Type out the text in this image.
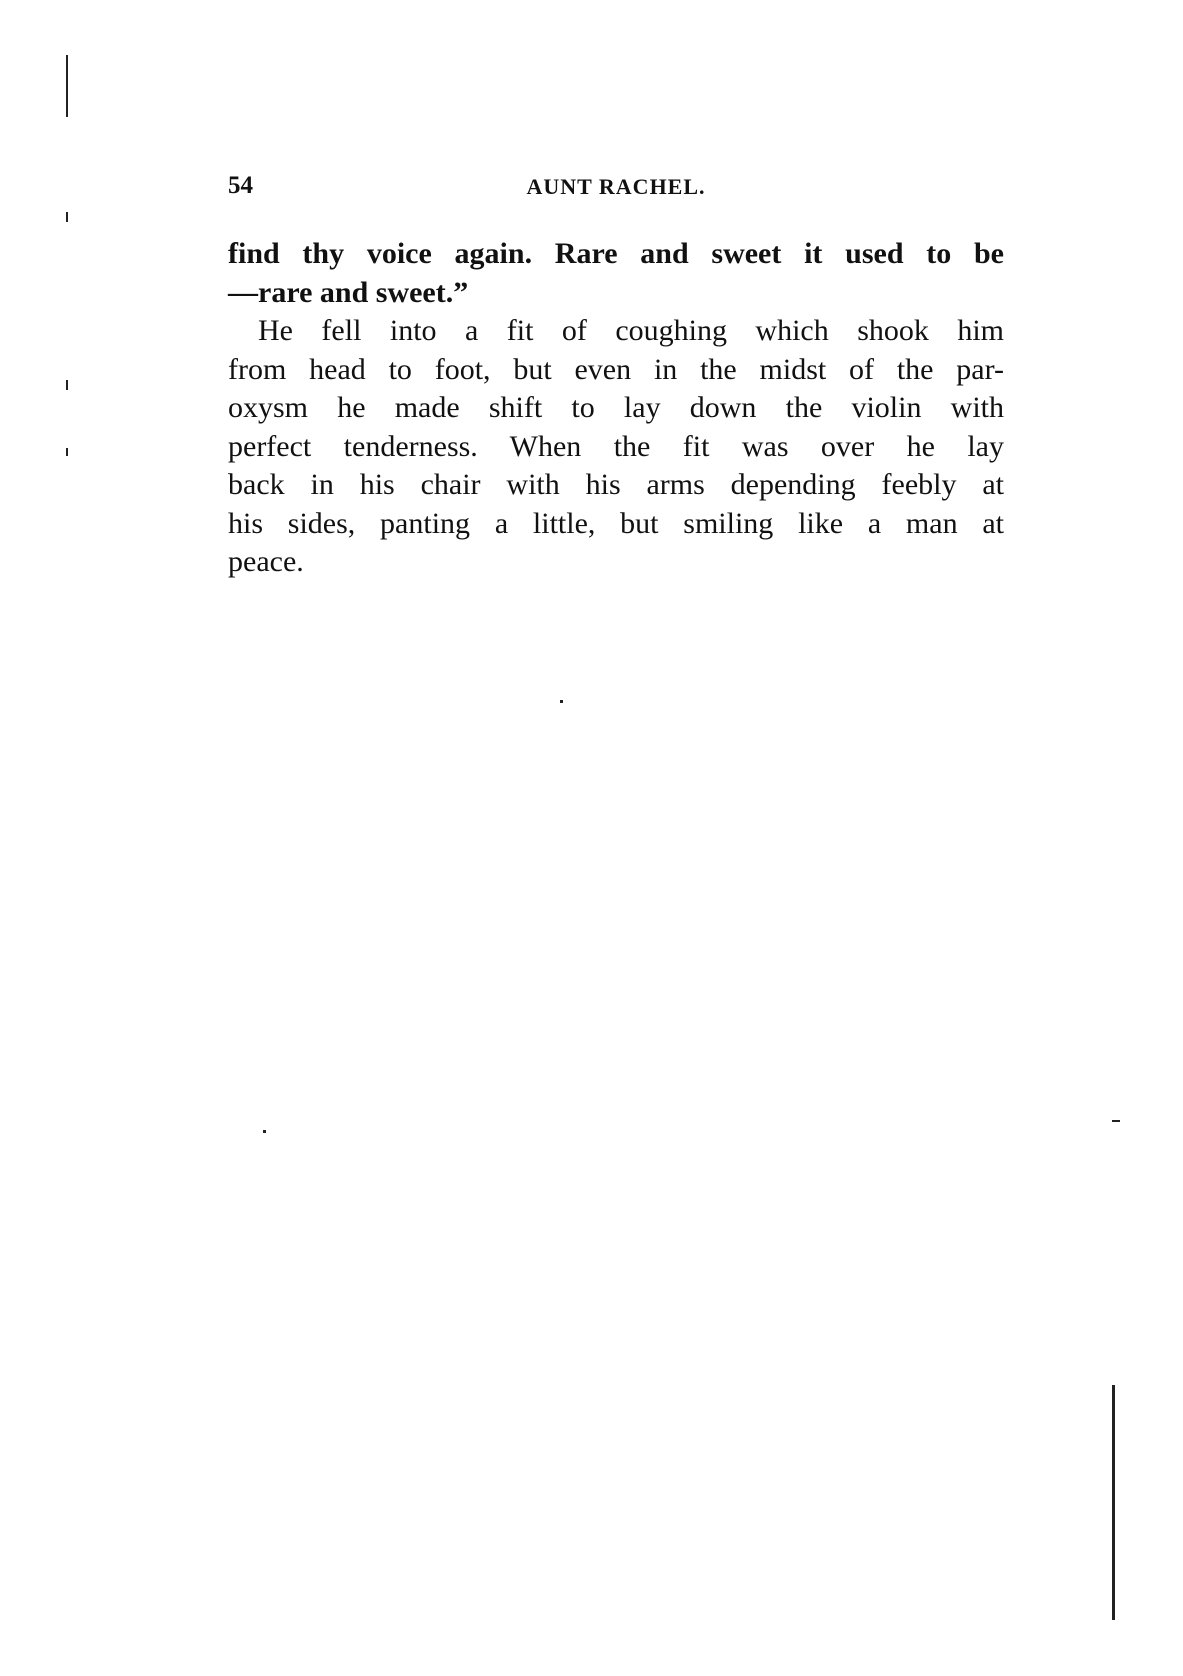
54	AUNT RACHEL.
find thy voice again. Rare and sweet it used to be
—rare and sweet.”
He fell into a fit of coughing which shook him
from head to foot, but even in the midst of the par-
oxysm he made shift to lay down the violin with
perfect tenderness. When the fit was over he lay
back in his chair with his arms depending feebly at
his sides, panting a little, but smiling like a man at
peace.
